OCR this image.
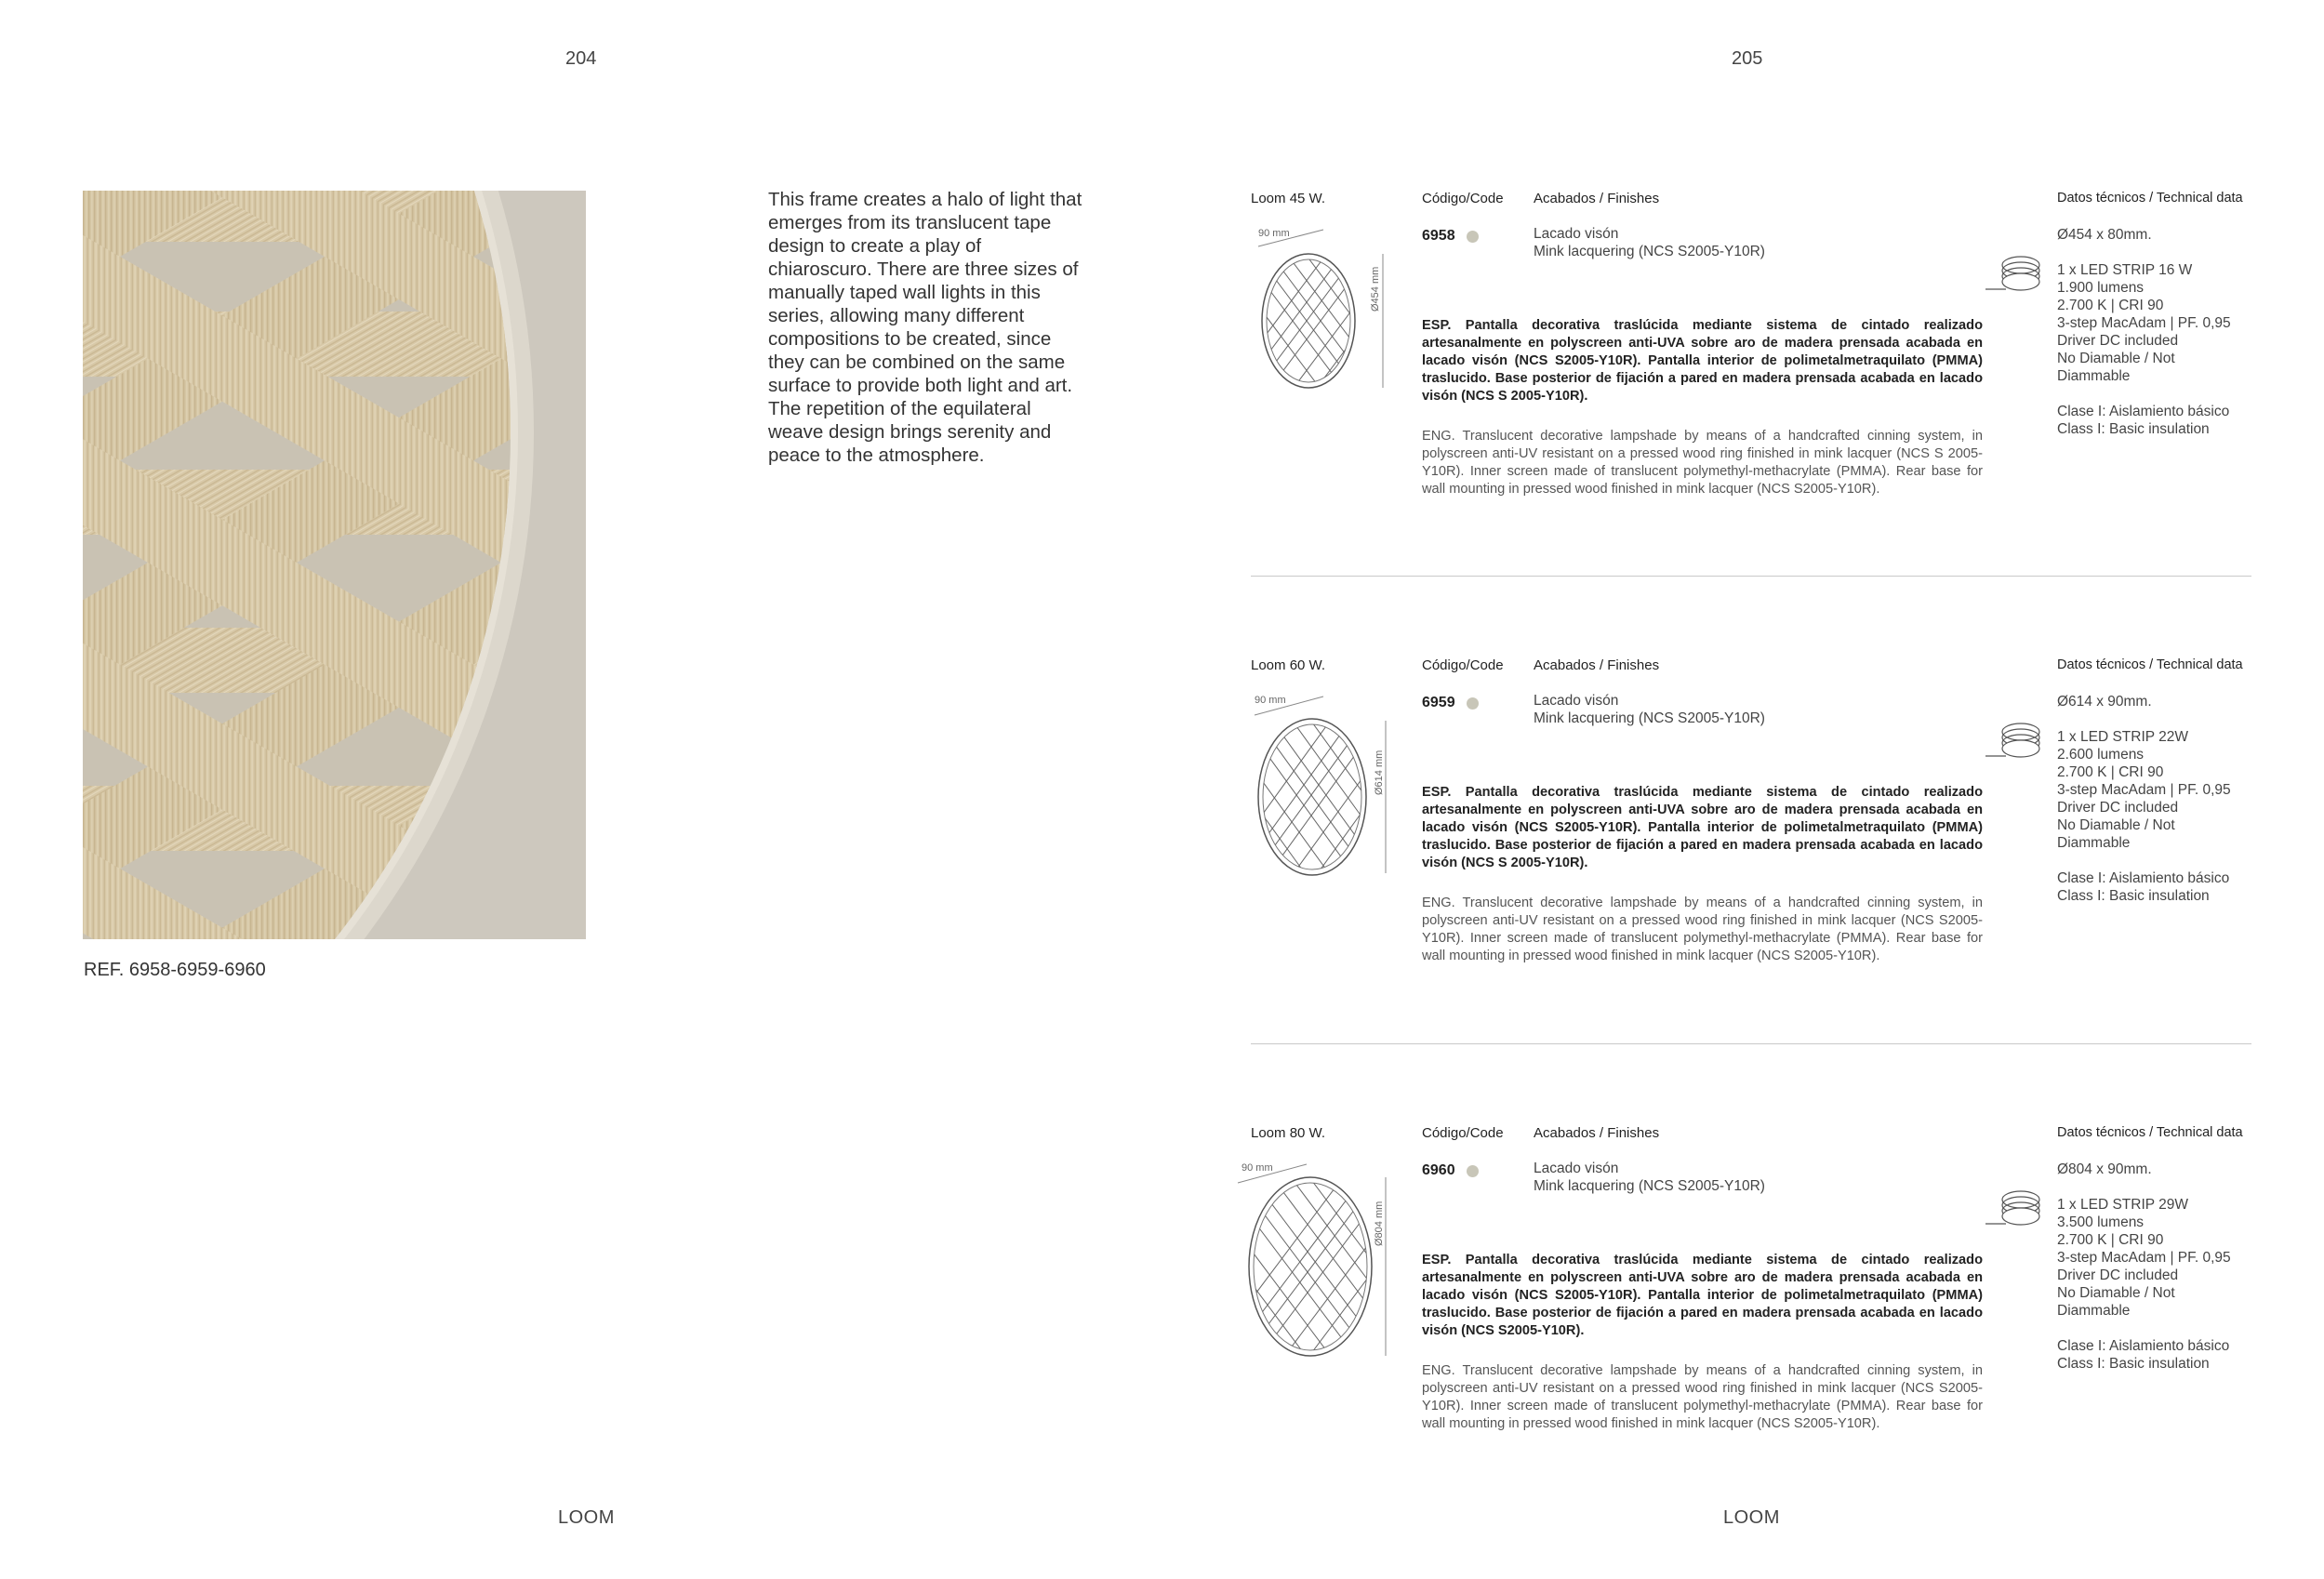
204
This frame creates a halo of light that emerges from its translucent tape design to create a play of chiaroscuro. There are three sizes of manually taped wall lights in this series, allowing many different compositions to be created, since they can be combined on the same surface to provide both light and art. The repetition of the equilateral weave design brings serenity and peace to the atmosphere.
REF. 6958-6959-6960
LOOM
205
Loom 45 W.	Código/Code Acabados / Finishes	Datos técnicos / Technical data
6958	Lacado visón
Mink lacquering (NCS S2005-Y10R)
90 mm
Ø454 mm
ESP. Pantalla decorativa traslúcida mediante sistema de cintado realizado artesanalmente en polyscreen anti-UVA sobre aro de madera prensada acabada en lacado visón (NCS S2005-Y10R). Pantalla interior de polimetalmetraquilato (PMMA) traslucido. Base posterior de fijación a pared en madera prensada acabada en lacado visón (NCS S 2005-Y10R).
ENG. Translucent decorative lampshade by means of a handcrafted cinning system, in polyscreen anti-UV resistant on a pressed wood ring finished in mink lacquer (NCS S 2005-Y10R). Inner screen made of translucent polymethyl-methacrylate (PMMA). Rear base for wall mounting in pressed wood finished in mink lacquer (NCS S2005-Y10R).
Ø454 x 80mm.
1 x LED STRIP 16 W
1.900 lumens
2.700 K | CRI 90
3-step MacAdam | PF. 0,95
Driver DC included
No Diamable / Not
Diammable
Clase I: Aislamiento básico
Class I: Basic insulation
Loom 60 W.	Código/Code Acabados / Finishes	Datos técnicos / Technical data
6959	Lacado visón
Mink lacquering (NCS S2005-Y10R)
90 mm
Ø614 mm	ESP. Pantalla decorativa traslúcida mediante sistema de cintado realizado artesanalmente en polyscreen anti-UVA sobre aro de madera prensada acabada en lacado visón (NCS S2005-Y10R). Pantalla interior de polimetalmetraquilato (PMMA) traslucido. Base posterior de fijación a pared en madera prensada acabada en lacado visón (NCS S 2005-Y10R).
ENG. Translucent decorative lampshade by means of a handcrafted cinning system, in polyscreen anti-UV resistant on a pressed wood ring finished in mink lacquer (NCS S2005-Y10R). Inner screen made of translucent polymethyl-methacrylate (PMMA). Rear base for wall mounting in pressed wood finished in mink lacquer (NCS S2005-Y10R).
Ø614 x 90mm.
1 x LED STRIP 22W
2.600 lumens
2.700 K | CRI 90
3-step MacAdam | PF. 0,95
Driver DC included
No Diamable / Not
Diammable
Clase I: Aislamiento básico
Class I: Basic insulation
Loom 80 W.	Código/Code Acabados / Finishes	Datos técnicos / Technical data
6960	Lacado visón
Mink lacquering (NCS S2005-Y10R)
90 mm
Ø804 mm
ESP. Pantalla decorativa traslúcida mediante sistema de cintado realizado artesanalmente en polyscreen anti-UVA sobre aro de madera prensada acabada en lacado visón (NCS S2005-Y10R). Pantalla interior de polimetalmetraquilato (PMMA) traslucido. Base posterior de fijación a pared en madera prensada acabada en lacado visón (NCS S2005-Y10R).
ENG. Translucent decorative lampshade by means of a handcrafted cinning system, in polyscreen anti-UV resistant on a pressed wood ring finished in mink lacquer (NCS S2005-Y10R). Inner screen made of translucent polymethyl-methacrylate (PMMA). Rear base for wall mounting in pressed wood finished in mink lacquer (NCS S2005-Y10R).
Ø804 x 90mm.
1 x LED STRIP 29W
3.500 lumens
2.700 K | CRI 90
3-step MacAdam | PF. 0,95
Driver DC included
No Diamable / Not
Diammable
Clase I: Aislamiento básico
Class I: Basic insulation
LOOM
